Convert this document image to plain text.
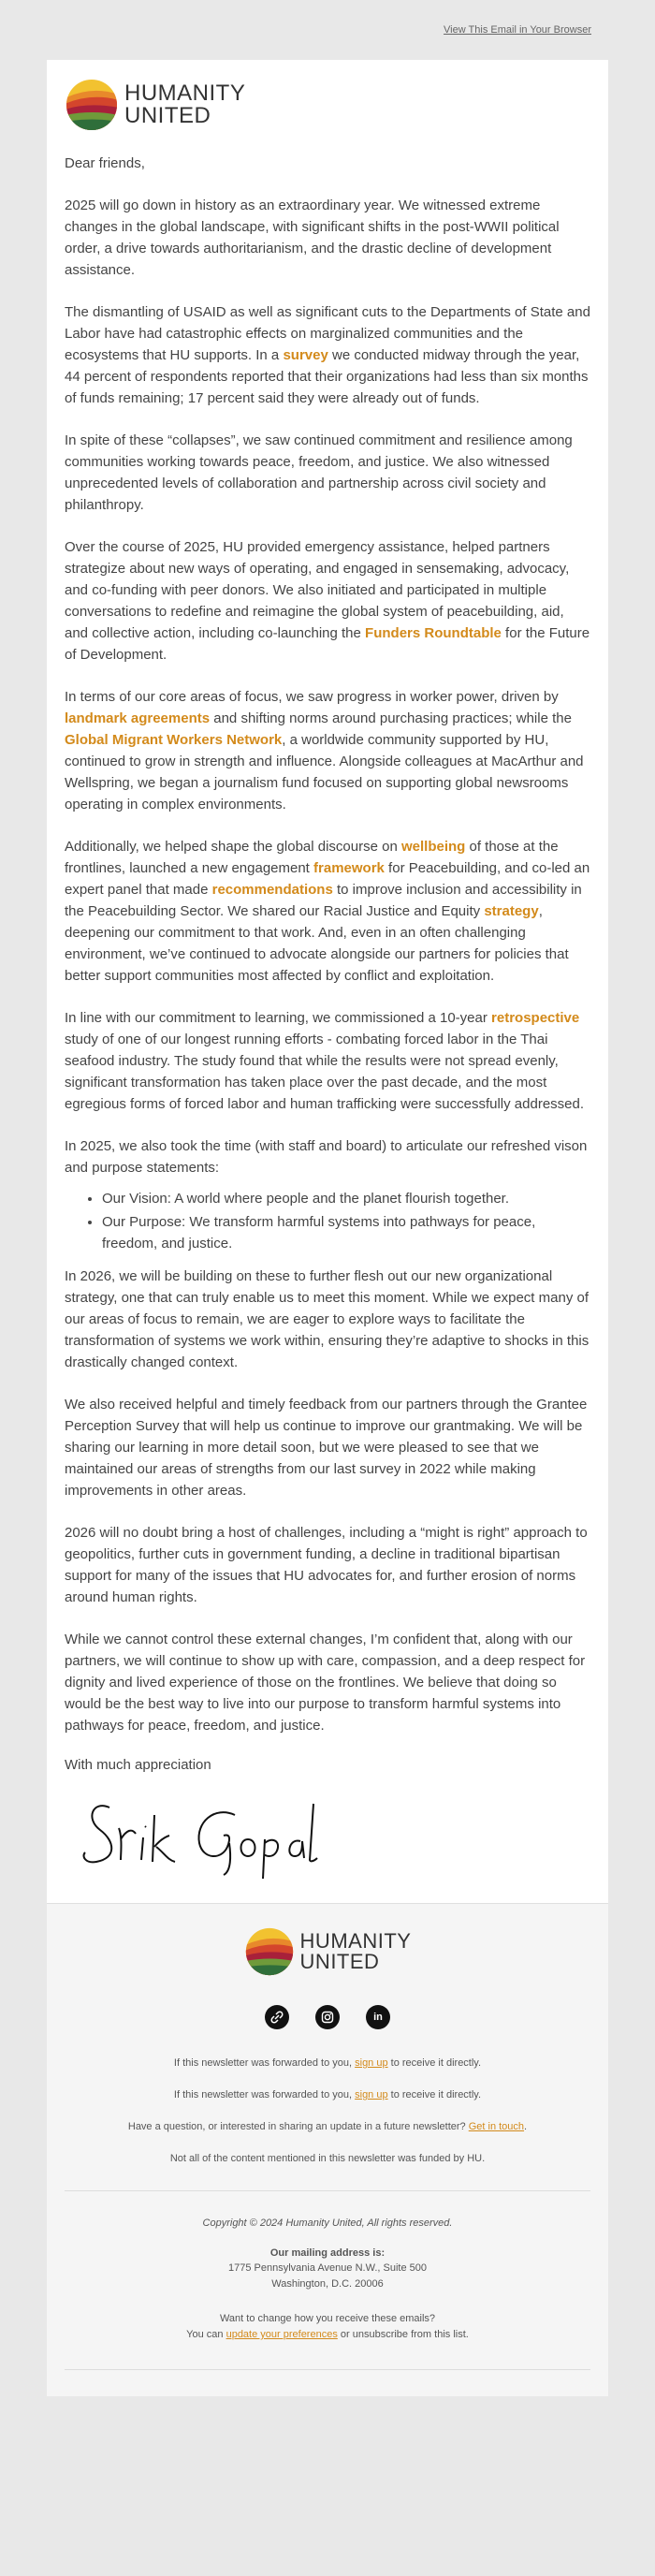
View This Email in Your Browser
HUMANITY
UNITED
Dear friends,

2025 will go down in history as an extraordinary year. We witnessed extreme changes in the global landscape, with significant shifts in the post-WWII political order, a drive towards authoritarianism, and the drastic decline of development assistance.

The dismantling of USAID as well as significant cuts to the Departments of State and Labor have had catastrophic effects on marginalized communities and the ecosystems that HU supports. In a survey we conducted midway through the year, 44 percent of respondents reported that their organizations had less than six months of funds remaining; 17 percent said they were already out of funds.

In spite of these “collapses”, we saw continued commitment and resilience among communities working towards peace, freedom, and justice. We also witnessed unprecedented levels of collaboration and partnership across civil society and philanthropy.

Over the course of 2025, HU provided emergency assistance, helped partners strategize about new ways of operating, and engaged in sensemaking, advocacy, and co-funding with peer donors. We also initiated and participated in multiple conversations to redefine and reimagine the global system of peacebuilding, aid, and collective action, including co-launching the Funders Roundtable for the Future of Development.

In terms of our core areas of focus, we saw progress in worker power, driven by landmark agreements and shifting norms around purchasing practices; while the Global Migrant Workers Network, a worldwide community supported by HU, continued to grow in strength and influence. Alongside colleagues at MacArthur and Wellspring, we began a journalism fund focused on supporting global newsrooms operating in complex environments.

Additionally, we helped shape the global discourse on wellbeing of those at the frontlines, launched a new engagement framework for Peacebuilding, and co-led an expert panel that made recommendations to improve inclusion and accessibility in the Peacebuilding Sector. We shared our Racial Justice and Equity strategy, deepening our commitment to that work. And, even in an often challenging environment, we’ve continued to advocate alongside our partners for policies that better support communities most affected by conflict and exploitation.

In line with our commitment to learning, we commissioned a 10-year retrospective study of one of our longest running efforts - combating forced labor in the Thai seafood industry. The study found that while the results were not spread evenly, significant transformation has taken place over the past decade, and the most egregious forms of forced labor and human trafficking were successfully addressed.

In 2025, we also took the time (with staff and board) to articulate our refreshed vison and purpose statements:

• Our Vision: A world where people and the planet flourish together.
• Our Purpose: We transform harmful systems into pathways for peace, freedom, and justice.

In 2026, we will be building on these to further flesh out our new organizational strategy, one that can truly enable us to meet this moment. While we expect many of our areas of focus to remain, we are eager to explore ways to facilitate the transformation of systems we work within, ensuring they’re adaptive to shocks in this drastically changed context.

We also received helpful and timely feedback from our partners through the Grantee Perception Survey that will help us continue to improve our grantmaking. We will be sharing our learning in more detail soon, but we were pleased to see that we maintained our areas of strengths from our last survey in 2022 while making improvements in other areas.

2026 will no doubt bring a host of challenges, including a “might is right” approach to geopolitics, further cuts in government funding, a decline in traditional bipartisan support for many of the issues that HU advocates for, and further erosion of norms around human rights.

While we cannot control these external changes, I’m confident that, along with our partners, we will continue to show up with care, compassion, and a deep respect for dignity and lived experience of those on the frontlines. We believe that doing so would be the best way to live into our purpose to transform harmful systems into pathways for peace, freedom, and justice.

With much appreciation
HUMANITY
UNITED
in

If this newsletter was forwarded to you, sign up to receive it directly.

If this newsletter was forwarded to you, sign up to receive it directly.

Have a question, or interested in sharing an update in a future newsletter? Get in touch.

Not all of the content mentioned in this newsletter was funded by HU.

Copyright © 2024 Humanity United, All rights reserved.

Our mailing address is:

1775 Pennsylvania Avenue N.W., Suite 500

Washington, D.C. 20006

Want to change how you receive these emails?

You can update your preferences or unsubscribe from this list.
